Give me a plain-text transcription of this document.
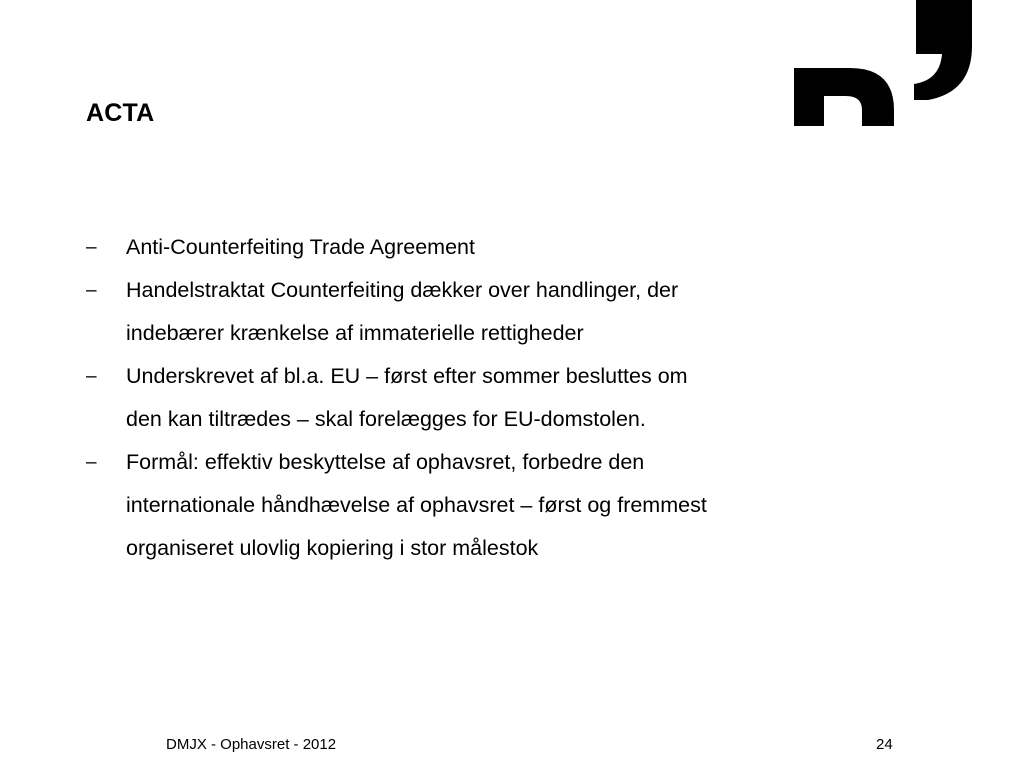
ACTA
–	Anti-Counterfeiting Trade Agreement
–	Handelstraktat Counterfeiting dækker over handlinger, der indebærer krænkelse af immaterielle rettigheder
–	Underskrevet af bl.a. EU – først efter sommer besluttes om den kan tiltrædes – skal forelægges for EU-domstolen.
–	Formål: effektiv beskyttelse af ophavsret, forbedre den internationale håndhævelse af ophavsret – først og fremmest organiseret ulovlig kopiering i stor målestok
DMJX - Ophavsret - 2012	24
